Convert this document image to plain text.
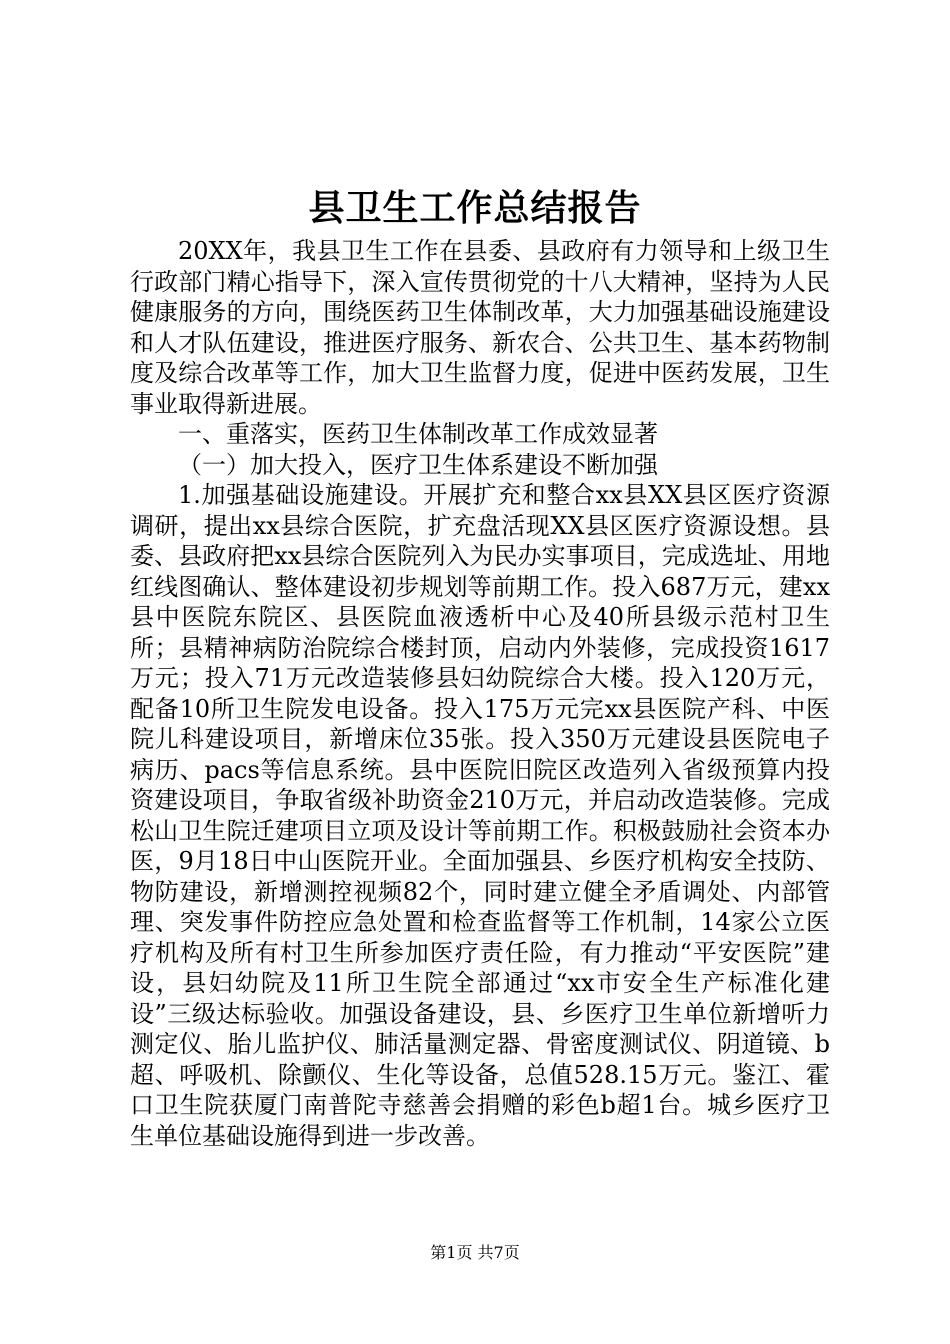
县卫生工作总结报告

20XX年，我县卫生工作在县委、县政府有力领导和上级卫生行政部门精心指导下，深入宣传贯彻党的十八大精神，坚持为人民健康服务的方向，围绕医药卫生体制改革，大力加强基础设施建设和人才队伍建设，推进医疗服务、新农合、公共卫生、基本药物制度及综合改革等工作，加大卫生监督力度，促进中医药发展，卫生事业取得新进展。

一、重落实，医药卫生体制改革工作成效显著

（一）加大投入，医疗卫生体系建设不断加强

1.加强基础设施建设。开展扩充和整合xx县XX县区医疗资源调研，提出xx县综合医院，扩充盘活现XX县区医疗资源设想。县委、县政府把xx县综合医院列入为民办实事项目，完成选址、用地红线图确认、整体建设初步规划等前期工作。投入687万元，建xx县中医院东院区、县医院血液透析中心及40所县级示范村卫生所；县精神病防治院综合楼封顶，启动内外装修，完成投资1617万元；投入71万元改造装修县妇幼院综合大楼。投入120万元，配备10所卫生院发电设备。投入175万元完xx县医院产科、中医院儿科建设项目，新增床位35张。投入350万元建设县医院电子病历、pacs等信息系统。县中医院旧院区改造列入省级预算内投资建设项目，争取省级补助资金210万元，并启动改造装修。完成松山卫生院迁建项目立项及设计等前期工作。积极鼓励社会资本办医，9月18日中山医院开业。全面加强县、乡医疗机构安全技防、物防建设，新增测控视频82个，同时建立健全矛盾调处、内部管理、突发事件防控应急处置和检查监督等工作机制，14家公立医疗机构及所有村卫生所参加医疗责任险，有力推动“平安医院”建设，县妇幼院及11所卫生院全部通过“xx市安全生产标准化建设”三级达标验收。加强设备建设，县、乡医疗卫生单位新增听力测定仪、胎儿监护仪、肺活量测定器、骨密度测试仪、阴道镜、b超、呼吸机、除颤仪、生化等设备，总值528.15万元。鉴江、霍口卫生院获厦门南普陀寺慈善会捐赠的彩色b超1台。城乡医疗卫生单位基础设施得到进一步改善。

第1页 共7页
